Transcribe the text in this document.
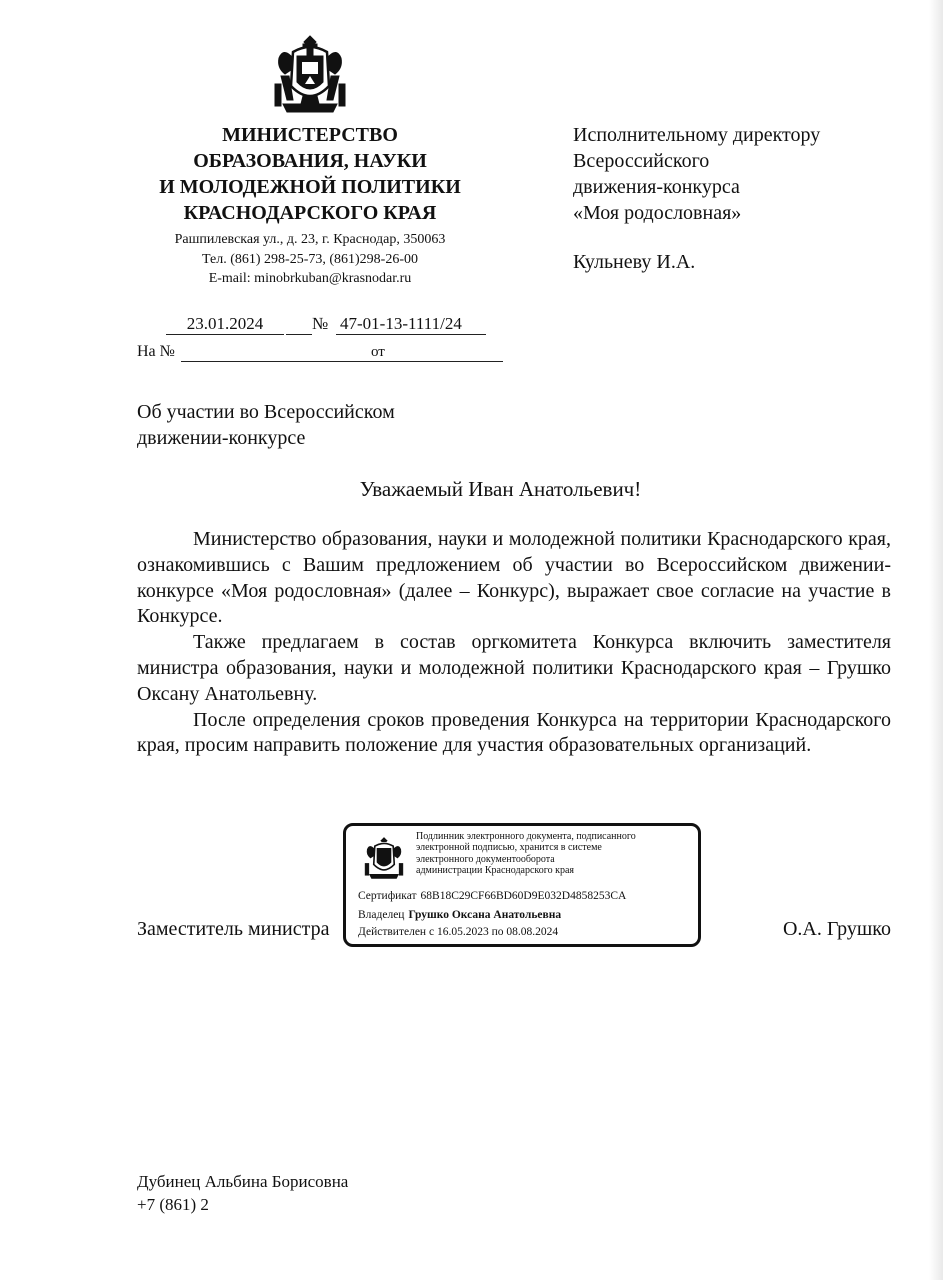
МИНИСТЕРСТВО
ОБРАЗОВАНИЯ, НАУКИ
И МОЛОДЕЖНОЙ ПОЛИТИКИ
КРАСНОДАРСКОГО КРАЯ
Рашпилевская ул., д. 23, г. Краснодар, 350063
Тел. (861) 298-25-73, (861)298-26-00
E-mail: minobrkuban@krasnodar.ru
Исполнительному директору
Всероссийского
движения-конкурса
«Моя родословная»
Кульневу И.А.
23.01.2024	№ 47-01-13-1111/24
На №	от
Об участии во Всероссийском
движении-конкурсе
Уважаемый Иван Анатольевич!

Министерство образования, науки и молодежной политики Краснодарского края, ознакомившись с Вашим предложением об участии во Всероссийском движении-конкурсе «Моя родословная» (далее – Конкурс), выражает свое согласие на участие в Конкурсе.

Также предлагаем в состав оргкомитета Конкурса включить заместителя министра образования, науки и молодежной политики Краснодарского края – Грушко Оксану Анатольевну.

После определения сроков проведения Конкурса на территории Краснодарского края, просим направить положение для участия образовательных организаций.

Заместитель министра	О.А. Грушко
Подлинник электронного документа, подписанного
электронной подписью, хранится в системе
электронного документооборота
администрации Краснодарского края
Сертификат 68B18C29CF66BD60D9E032D4858253CA
Владелец Грушко Оксана Анатольевна
Действителен с 16.05.2023 по 08.08.2024
Дубинец Альбина Борисовна
+7 (861) 2
